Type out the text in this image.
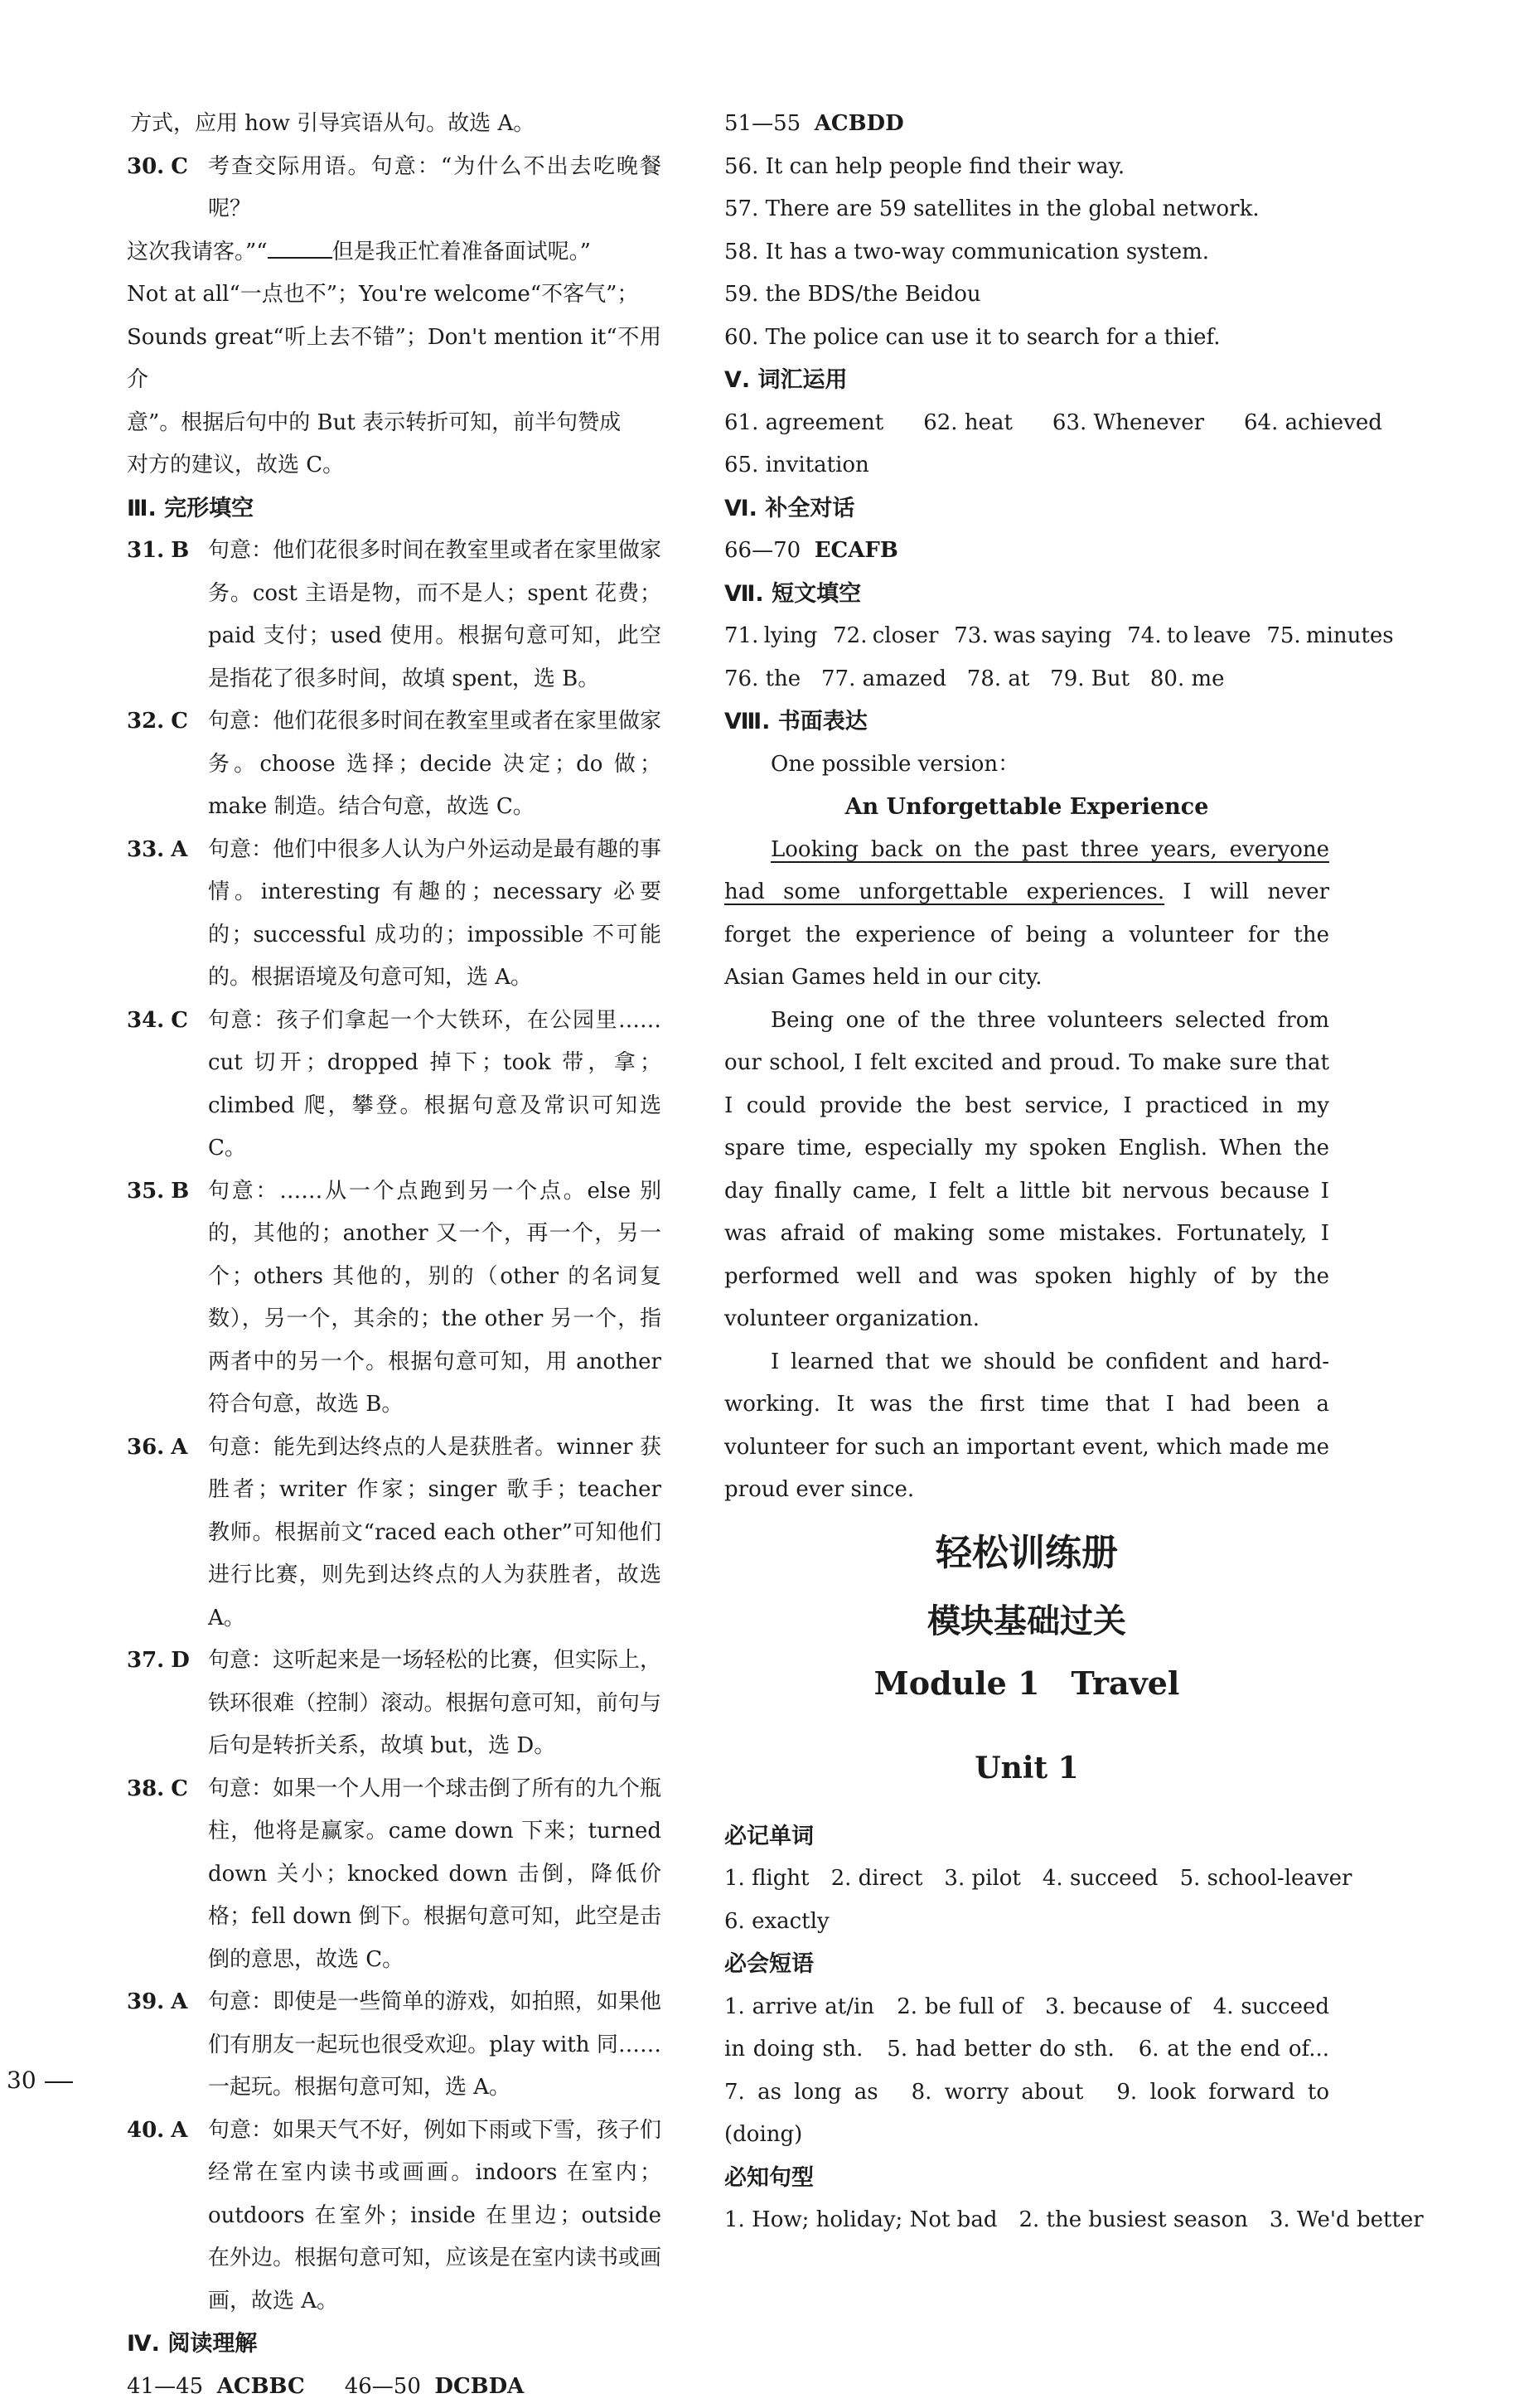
方式，应用 how 引导宾语从句。故选 A。
30. C 考查交际用语。句意：“为什么不出去吃晚餐呢？
这次我请客。”“	但是我正忙着准备面试呢。”
Not at all“一点也不”；You're welcome“不客气”；
Sounds great“听上去不错”；Don't mention it“不用介
意”。根据后句中的 But 表示转折可知，前半句赞成
对方的建议，故选 C。
Ⅲ. 完形填空
31. B 句意：他们花很多时间在教室里或者在家里做家务。cost 主语是物，而不是人；spent 花费；paid 支付；used 使用。根据句意可知，此空是指花了很多时间，故填 spent，选 B。
32. C 句意：他们花很多时间在教室里或者在家里做家务。choose 选择；decide 决定；do 做；make 制造。结合句意，故选 C。
33. A 句意：他们中很多人认为户外运动是最有趣的事情。interesting 有趣的；necessary 必要的；successful 成功的；impossible 不可能的。根据语境及句意可知，选 A。
34. C 句意：孩子们拿起一个大铁环，在公园里…… cut 切开；dropped 掉下；took 带，拿；climbed 爬，攀登。根据句意及常识可知选 C。
35. B 句意：……从一个点跑到另一个点。else 别的，其他的；another 又一个，再一个，另一个；others 其他的，别的（other 的名词复数），另一个，其余的；the other 另一个，指两者中的另一个。根据句意可知，用 another 符合句意，故选 B。
36. A 句意：能先到达终点的人是获胜者。winner 获胜者；writer 作家；singer 歌手；teacher 教师。根据前文“raced each other”可知他们进行比赛，则先到达终点的人为获胜者，故选 A。
37. D 句意：这听起来是一场轻松的比赛，但实际上，铁环很难（控制）滚动。根据句意可知，前句与后句是转折关系，故填 but，选 D。
38. C 句意：如果一个人用一个球击倒了所有的九个瓶柱，他将是赢家。came down 下来；turned down 关小；knocked down 击倒，降低价格；fell down 倒下。根据句意可知，此空是击倒的意思，故选 C。
39. A 句意：即使是一些简单的游戏，如拍照，如果他们有朋友一起玩也很受欢迎。play with 同……一起玩。根据句意可知，选 A。
40. A 句意：如果天气不好，例如下雨或下雪，孩子们经常在室内读书或画画。indoors 在室内；outdoors 在室外；inside 在里边；outside 在外边。根据句意可知，应该是在室内读书或画画，故选 A。
Ⅳ. 阅读理解
41—45 ACBBC 46—50 DCBDA
51—55 ACBDD
56. It can help people find their way.
57. There are 59 satellites in the global network.
58. It has a two-way communication system.
59. the BDS/the Beidou
60. The police can use it to search for a thief.
Ⅴ. 词汇运用
61. agreement 62. heat 63. Whenever 64. achieved
65. invitation
Ⅵ. 补全对话
66—70 ECAFB
Ⅶ. 短文填空
71. lying 72. closer 73. was saying 74. to leave 75. minutes
76. the 77. amazed 78. at 79. But 80. me
Ⅷ. 书面表达
One possible version：
An Unforgettable Experience
Looking back on the past three years, everyone had some unforgettable experiences. I will never forget the experience of being a volunteer for the Asian Games held in our city.
Being one of the three volunteers selected from our school, I felt excited and proud. To make sure that I could provide the best service, I practiced in my spare time, especially my spoken English. When the day finally came, I felt a little bit nervous because I was afraid of making some mistakes. Fortunately, I performed well and was spoken highly of by the volunteer organization.
I learned that we should be confident and hard-working. It was the first time that I had been a volunteer for such an important event, which made me proud ever since.
轻松训练册
模块基础过关
Module 1　Travel
Unit 1
必记单词
1. flight　2. direct　3. pilot　4. succeed　5. school-leaver
6. exactly
必会短语
1. arrive at/in　2. be full of　3. because of　4. succeed in doing sth.　5. had better do sth.　6. at the end of...　7. as long as　8. worry about　9. look forward to (doing)
必知句型
1. How; holiday; Not bad　2. the busiest season　3. We'd better
30
